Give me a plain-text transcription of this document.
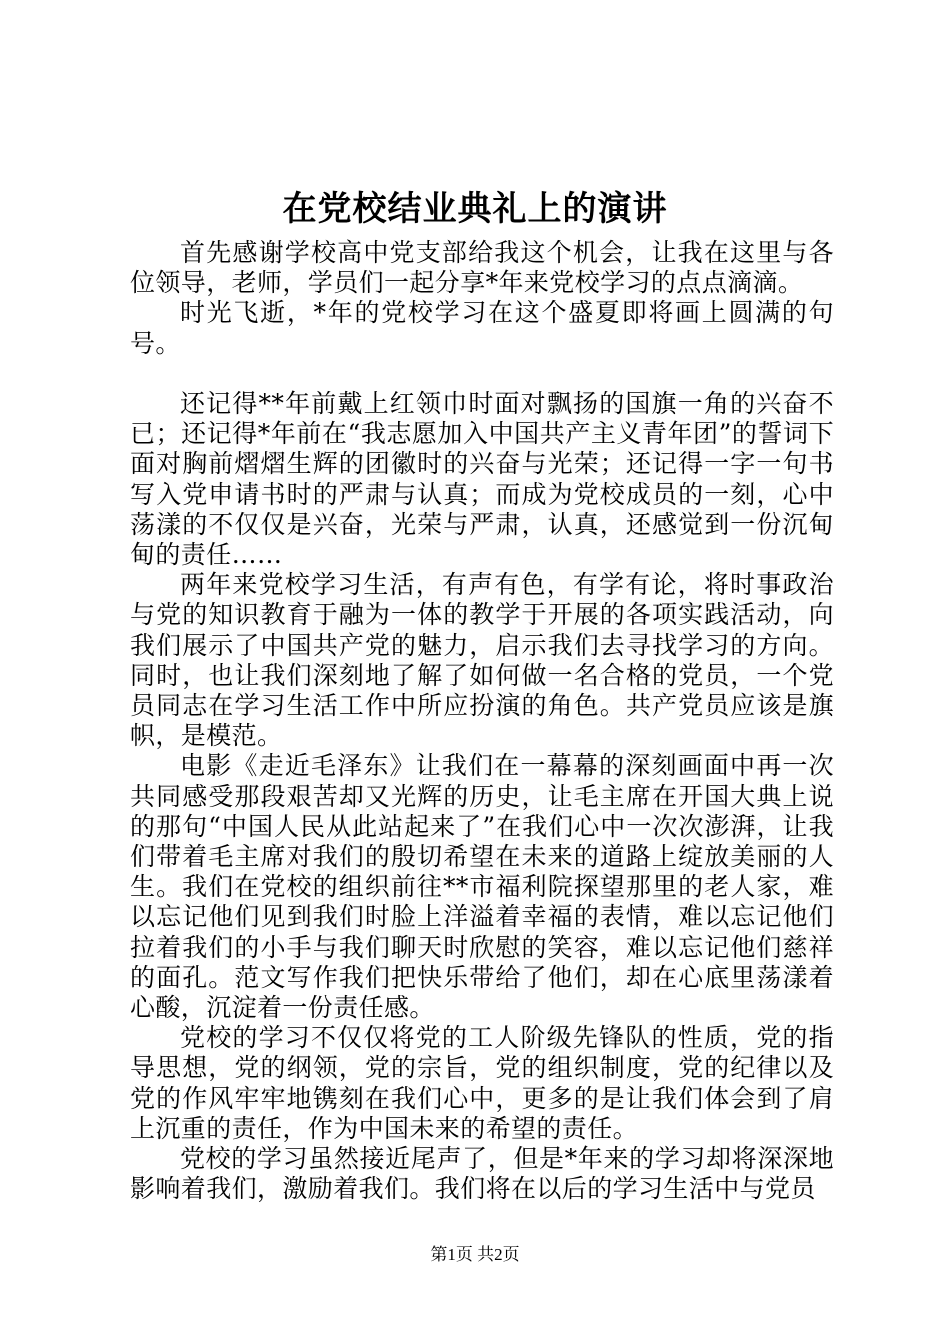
在党校结业典礼上的演讲

首先感谢学校高中党支部给我这个机会，让我在这里与各位领导，老师，学员们一起分享*年来党校学习的点点滴滴。

时光飞逝，*年的党校学习在这个盛夏即将画上圆满的句号。

还记得**年前戴上红领巾时面对飘扬的国旗一角的兴奋不已；还记得*年前在“我志愿加入中国共产主义青年团”的誓词下面对胸前熠熠生辉的团徽时的兴奋与光荣；还记得一字一句书写入党申请书时的严肃与认真；而成为党校成员的一刻，心中荡漾的不仅仅是兴奋，光荣与严肃，认真，还感觉到一份沉甸甸的责任……

两年来党校学习生活，有声有色，有学有论，将时事政治与党的知识教育于融为一体的教学于开展的各项实践活动，向我们展示了中国共产党的魅力，启示我们去寻找学习的方向。同时，也让我们深刻地了解了如何做一名合格的党员，一个党员同志在学习生活工作中所应扮演的角色。共产党员应该是旗帜，是模范。

电影《走近毛泽东》让我们在一幕幕的深刻画面中再一次共同感受那段艰苦却又光辉的历史，让毛主席在开国大典上说的那句“中国人民从此站起来了”在我们心中一次次澎湃，让我们带着毛主席对我们的殷切希望在未来的道路上绽放美丽的人生。我们在党校的组织前往**市福利院探望那里的老人家，难以忘记他们见到我们时脸上洋溢着幸福的表情，难以忘记他们拉着我们的小手与我们聊天时欣慰的笑容，难以忘记他们慈祥的面孔。范文写作我们把快乐带给了他们，却在心底里荡漾着心酸，沉淀着一份责任感。

党校的学习不仅仅将党的工人阶级先锋队的性质，党的指导思想，党的纲领，党的宗旨，党的组织制度，党的纪律以及党的作风牢牢地镌刻在我们心中，更多的是让我们体会到了肩上沉重的责任，作为中国未来的希望的责任。

党校的学习虽然接近尾声了，但是*年来的学习却将深深地影响着我们，激励着我们。我们将在以后的学习生活中与党员

第1页 共2页
